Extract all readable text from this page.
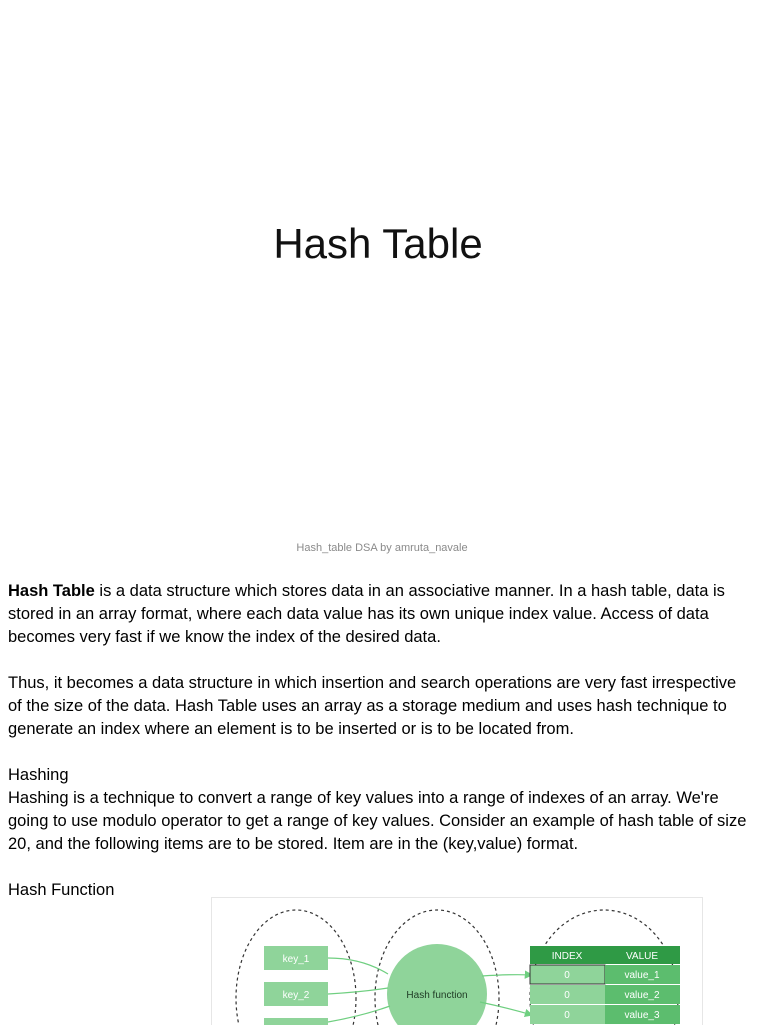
Hash Table
Hash_table DSA by amruta_navale

Hash Table is a data structure which stores data in an associative manner. In a hash table, data is stored in an array format, where each data value has its own unique index value. Access of data becomes very fast if we know the index of the desired data.

Thus, it becomes a data structure in which insertion and search operations are very fast irrespective of the size of the data. Hash Table uses an array as a storage medium and uses hash technique to generate an index where an element is to be inserted or is to be located from.

Hashing

Hashing is a technique to convert a range of key values into a range of indexes of an array. We're going to use modulo operator to get a range of key values. Consider an example of hash table of size 20, and the following items are to be stored. Item are in the (key,value) format.

Hash Function

key_1
key_2	Hash function
INDEX	VALUE
0	value_1
0	value_2
0	value_3
